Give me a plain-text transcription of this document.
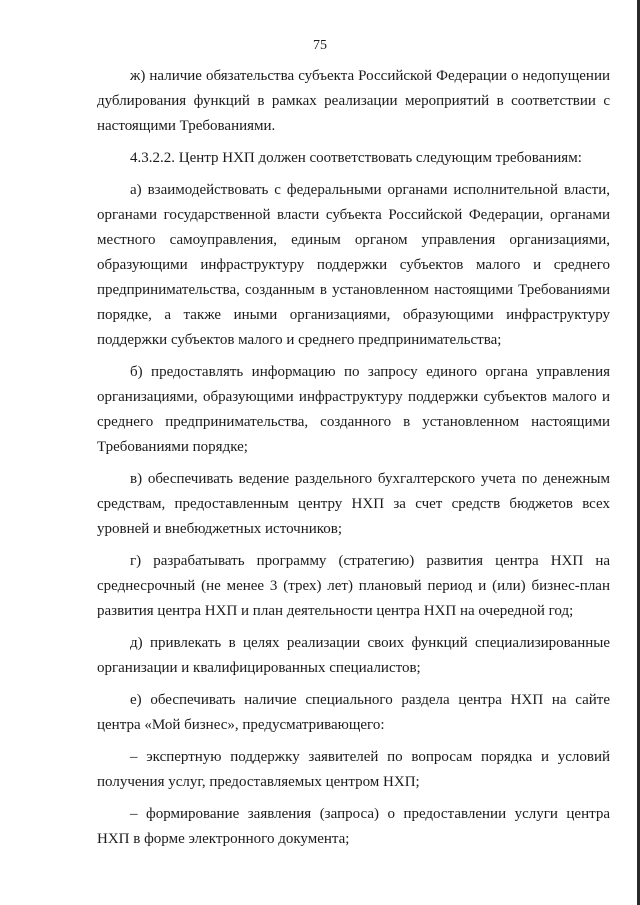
75

ж) наличие обязательства субъекта Российской Федерации о недопущении дублирования функций в рамках реализации мероприятий в соответствии с настоящими Требованиями.

4.3.2.2. Центр НХП должен соответствовать следующим требованиям:

а) взаимодействовать с федеральными органами исполнительной власти, органами государственной власти субъекта Российской Федерации, органами местного самоуправления, единым органом управления организациями, образующими инфраструктуру поддержки субъектов малого и среднего предпринимательства, созданным в установленном настоящими Требованиями порядке, а также иными организациями, образующими инфраструктуру поддержки субъектов малого и среднего предпринимательства;

б) предоставлять информацию по запросу единого органа управления организациями, образующими инфраструктуру поддержки субъектов малого и среднего предпринимательства, созданного в установленном настоящими Требованиями порядке;

в) обеспечивать ведение раздельного бухгалтерского учета по денежным средствам, предоставленным центру НХП за счет средств бюджетов всех уровней и внебюджетных источников;

г) разрабатывать программу (стратегию) развития центра НХП на среднесрочный (не менее 3 (трех) лет) плановый период и (или) бизнес-план развития центра НХП и план деятельности центра НХП на очередной год;

д) привлекать в целях реализации своих функций специализированные организации и квалифицированных специалистов;

е) обеспечивать наличие специального раздела центра НХП на сайте центра «Мой бизнес», предусматривающего:

– экспертную поддержку заявителей по вопросам порядка и условий получения услуг, предоставляемых центром НХП;

– формирование заявления (запроса) о предоставлении услуги центра НХП в форме электронного документа;
